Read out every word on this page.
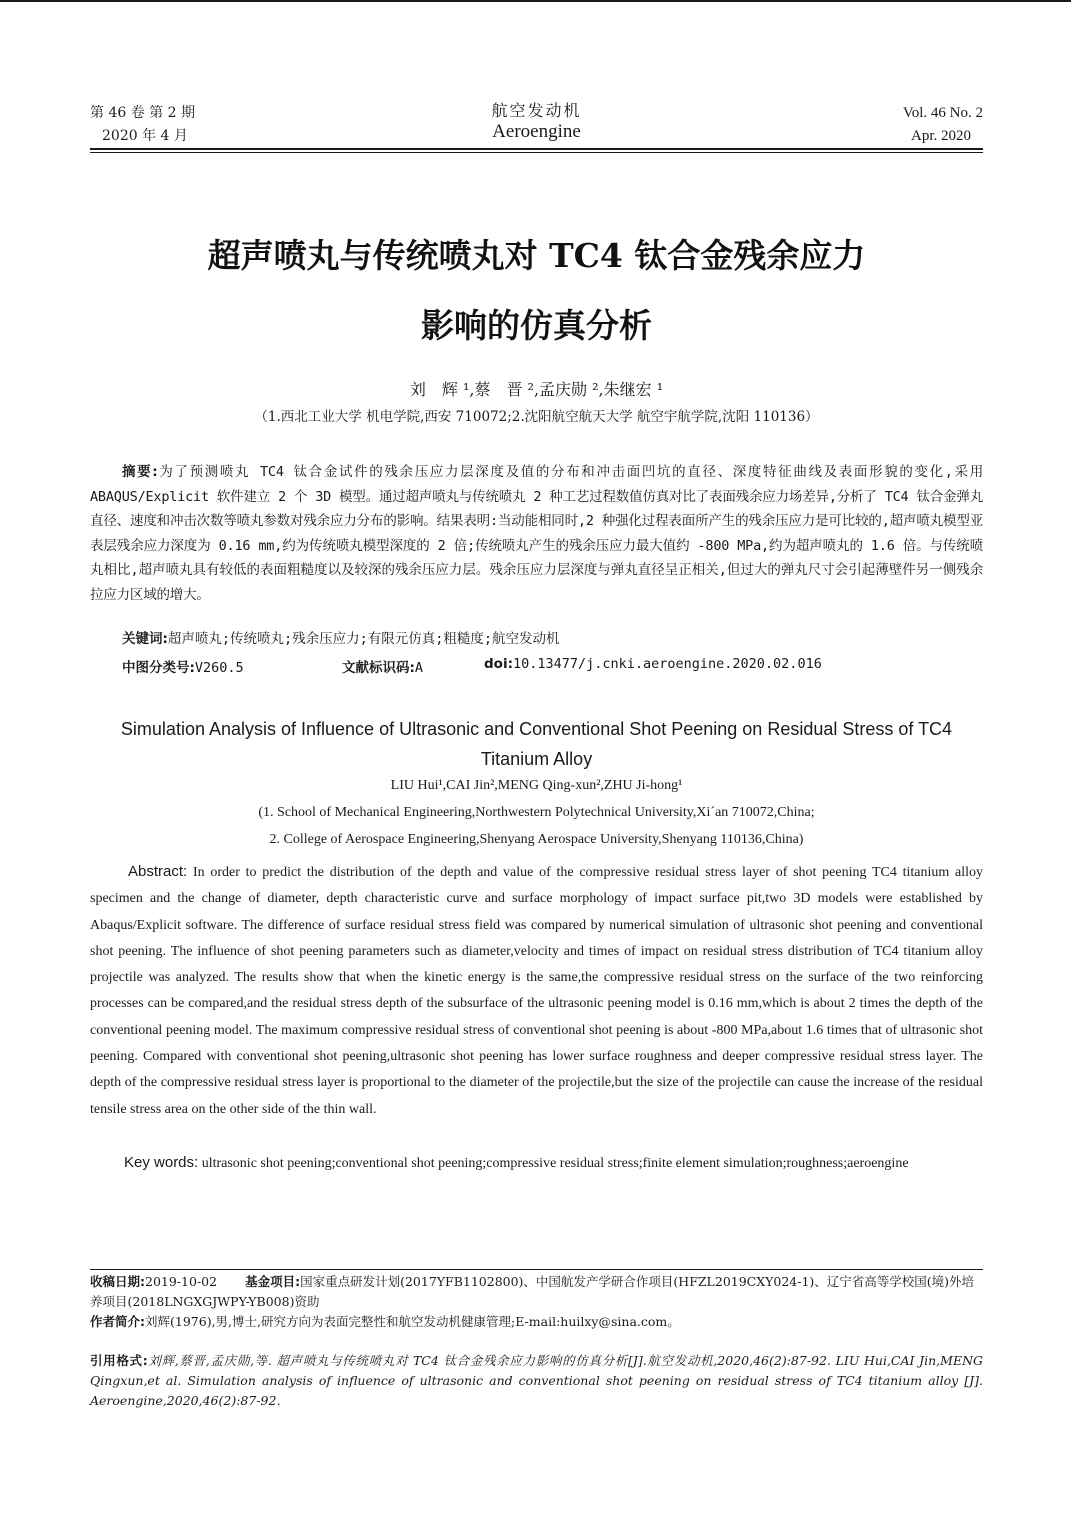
第 46 卷 第 2 期
2020 年 4 月
航空发动机
Aeroengine
Vol. 46 No. 2
Apr. 2020
超声喷丸与传统喷丸对 TC4 钛合金残余应力
影响的仿真分析
刘　辉 ¹,蔡　晋 ²,孟庆勋 ²,朱继宏 ¹
（1.西北工业大学 机电学院,西安 710072;2.沈阳航空航天大学 航空宇航学院,沈阳 110136）
摘要:为了预测喷丸 TC4 钛合金试件的残余压应力层深度及值的分布和冲击面凹坑的直径、深度特征曲线及表面形貌的变化,采用 ABAQUS/Explicit 软件建立 2 个 3D 模型。通过超声喷丸与传统喷丸 2 种工艺过程数值仿真对比了表面残余应力场差异,分析了 TC4 钛合金弹丸直径、速度和冲击次数等喷丸参数对残余应力分布的影响。结果表明:当动能相同时,2 种强化过程表面所产生的残余压应力是可比较的,超声喷丸模型亚表层残余应力深度为 0.16 mm,约为传统喷丸模型深度的 2 倍;传统喷丸产生的残余压应力最大值约 -800 MPa,约为超声喷丸的 1.6 倍。与传统喷丸相比,超声喷丸具有较低的表面粗糙度以及较深的残余压应力层。残余压应力层深度与弹丸直径呈正相关,但过大的弹丸尺寸会引起薄壁件另一侧残余拉应力区域的增大。
关键词:超声喷丸;传统喷丸;残余压应力;有限元仿真;粗糙度;航空发动机
中图分类号:V260.5	文献标识码:A	doi:10.13477/j.cnki.aeroengine.2020.02.016
Simulation Analysis of Influence of Ultrasonic and Conventional Shot Peening on Residual Stress of TC4 Titanium Alloy
LIU Hui¹,CAI Jin²,MENG Qing-xun²,ZHU Ji-hong¹
(1. School of Mechanical Engineering,Northwestern Polytechnical University,Xi´an 710072,China;
2. College of Aerospace Engineering,Shenyang Aerospace University,Shenyang 110136,China)
Abstract: In order to predict the distribution of the depth and value of the compressive residual stress layer of shot peening TC4 titanium alloy specimen and the change of diameter, depth characteristic curve and surface morphology of impact surface pit,two 3D models were established by Abaqus/Explicit software. The difference of surface residual stress field was compared by numerical simulation of ultrasonic shot peening and conventional shot peening. The influence of shot peening parameters such as diameter,velocity and times of impact on residual stress distribution of TC4 titanium alloy projectile was analyzed. The results show that when the kinetic energy is the same,the compressive residual stress on the surface of the two reinforcing processes can be compared,and the residual stress depth of the subsurface of the ultrasonic peening model is 0.16 mm,which is about 2 times the depth of the conventional peening model. The maximum compressive residual stress of conventional shot peening is about -800 MPa,about 1.6 times that of ultrasonic shot peening. Compared with conventional shot peening,ultrasonic shot peening has lower surface roughness and deeper compressive residual stress layer. The depth of the compressive residual stress layer is proportional to the diameter of the projectile,but the size of the projectile can cause the increase of the residual tensile stress area on the other side of the thin wall.
Key words: ultrasonic shot peening;conventional shot peening;compressive residual stress;finite element simulation;roughness;aeroengine
收稿日期:2019-10-02 基金项目:国家重点研发计划(2017YFB1102800)、中国航发产学研合作项目(HFZL2019CXY024-1)、辽宁省高等学校国(境)外培养项目(2018LNGXGJWPY-YB008)资助
作者简介:刘辉(1976),男,博士,研究方向为表面完整性和航空发动机健康管理;E-mail:huilxy@sina.com。
引用格式:刘辉,蔡晋,孟庆勋,等. 超声喷丸与传统喷丸对 TC4 钛合金残余应力影响的仿真分析[J].航空发动机,2020,46(2):87-92. LIU Hui,CAI Jin,MENG Qingxun,et al. Simulation analysis of influence of ultrasonic and conventional shot peening on residual stress of TC4 titanium alloy [J]. Aeroengine,2020,46(2):87-92.
